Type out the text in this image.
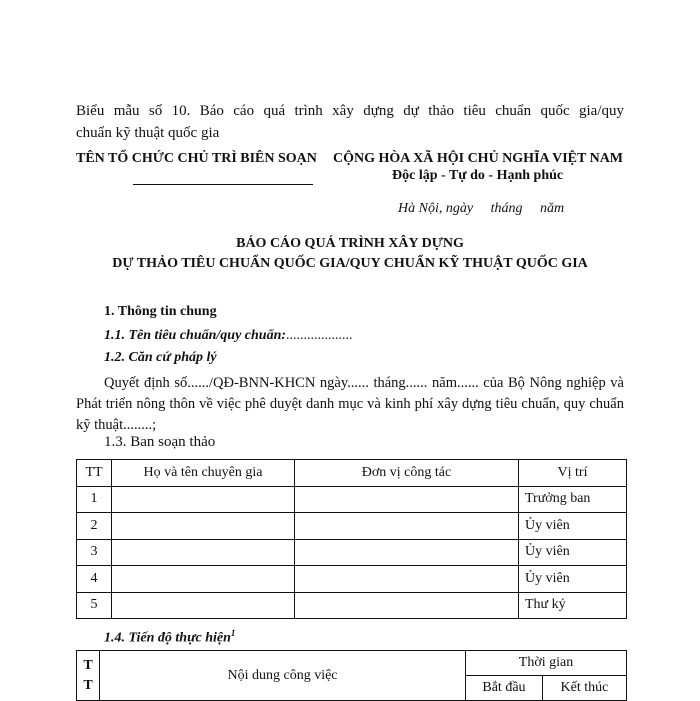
Biểu mẫu số 10. Báo cáo quá trình xây dựng dự thảo tiêu chuẩn quốc gia/quy
chuẩn kỹ thuật quốc gia
TÊN TỔ CHỨC CHỦ TRÌ BIÊN SOẠN CỘNG HÒA XÃ HỘI CHỦ NGHĨA VIỆT NAM
Độc lập - Tự do - Hạnh phúc
Hà Nội, ngày tháng năm
BÁO CÁO QUÁ TRÌNH XÂY DỰNG
DỰ THẢO TIÊU CHUẨN QUỐC GIA/QUY CHUẨN KỸ THUẬT QUỐC GIA
1. Thông tin chung
1.1. Tên tiêu chuẩn/quy chuẩn:...................
1.2. Căn cứ pháp lý
Quyết định số....../QĐ-BNN-KHCN ngày...... tháng...... năm...... của Bộ Nông nghiệp và Phát triển nông thôn về việc phê duyệt danh mục và kinh phí xây dựng tiêu chuẩn, quy chuẩn kỹ thuật........;
1.3. Ban soạn thảo
TT	Họ và tên chuyên gia	Đơn vị công tác	Vị trí
1			Trưởng ban
2			Ủy viên
3			Ủy viên
4			Ủy viên
5			Thư ký
1.4. Tiến độ thực hiện$^1$
T
T	Nội dung công việc	Thời gian	
		Bắt đầu	Kết thúc
